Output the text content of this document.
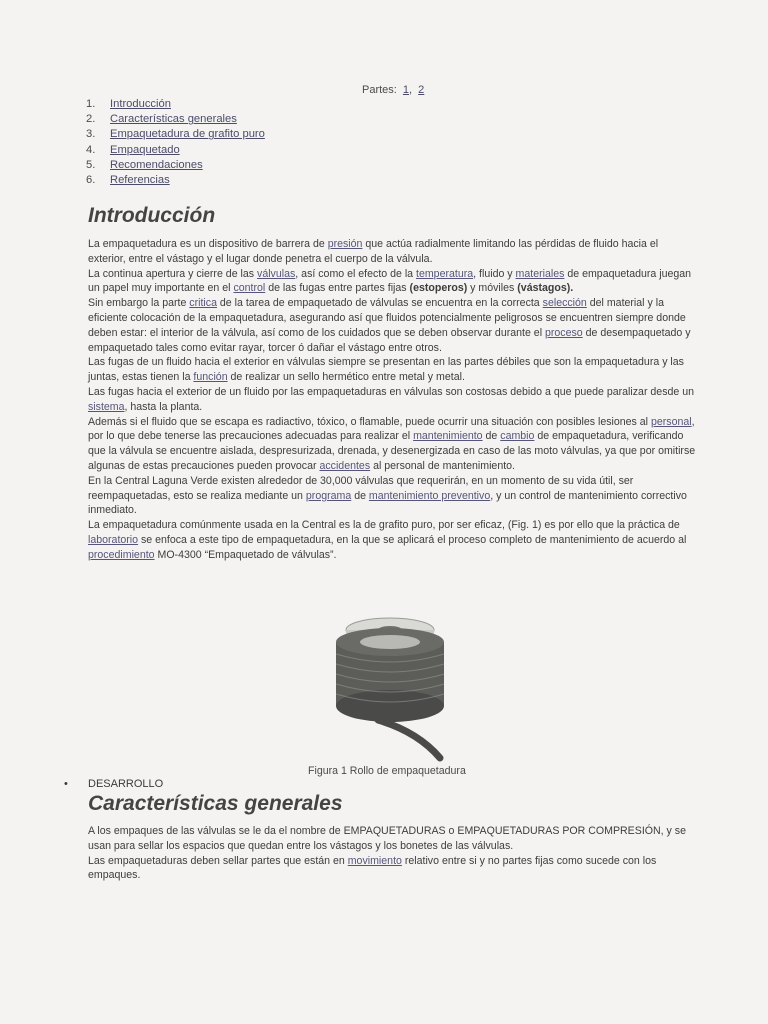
Partes: 1, 2
1.	Introducción
2.	Características generales
3.	Empaquetadura de grafito puro
4.	Empaquetado
5.	Recomendaciones
6.	Referencias
Introducción

La empaquetadura es un dispositivo de barrera de presión que actúa radialmente limitando las pérdidas de fluido hacia el exterior, entre el vástago y el lugar donde penetra el cuerpo de la válvula.

La continua apertura y cierre de las válvulas, así como el efecto de la temperatura, fluido y materiales de empaquetadura juegan un papel muy importante en el control de las fugas entre partes fijas (estoperos) y móviles (vástagos).

Sin embargo la parte critica de la tarea de empaquetado de válvulas se encuentra en la correcta selección del material y la eficiente colocación de la empaquetadura, asegurando así que fluidos potencialmente peligrosos se encuentren siempre donde deben estar: el interior de la válvula, así como de los cuidados que se deben observar durante el proceso de desempaquetado y empaquetado tales como evitar rayar, torcer ó dañar el vástago entre otros.

Las fugas de un fluido hacia el exterior en válvulas siempre se presentan en las partes débiles que son la empaquetadura y las juntas, estas tienen la función de realizar un sello hermético entre metal y metal.

Las fugas hacia el exterior de un fluido por las empaquetaduras en válvulas son costosas debido a que puede paralizar desde un sistema, hasta la planta.

Además si el fluido que se escapa es radiactivo, tóxico, o flamable, puede ocurrir una situación con posibles lesiones al personal, por lo que debe tenerse las precauciones adecuadas para realizar el mantenimiento de cambio de empaquetadura, verificando que la válvula se encuentre aislada, despresurizada, drenada, y desenergizada en caso de las moto válvulas, ya que por omitirse algunas de estas precauciones pueden provocar accidentes al personal de mantenimiento.

En la Central Laguna Verde existen alrededor de 30,000 válvulas que requerirán, en un momento de su vida útil, ser reempaquetadas, esto se realiza mediante un programa de mantenimiento preventivo, y un control de mantenimiento correctivo inmediato.

La empaquetadura comúnmente usada en la Central es la de grafito puro, por ser eficaz, (Fig. 1) es por ello que la práctica de laboratorio se enfoca a este tipo de empaquetadura, en la que se aplicará el proceso completo de mantenimiento de acuerdo al procedimiento MO-4300 “Empaquetado de válvulas”.

Figura 1 Rollo de empaquetadura
• DESARROLLO
Características generales

A los empaques de las válvulas se le da el nombre de EMPAQUETADURAS o EMPAQUETADURAS POR COMPRESIÓN, y se usan para sellar los espacios que quedan entre los vástagos y los bonetes de las válvulas.

Las empaquetaduras deben sellar partes que están en movimiento relativo entre si y no partes fijas como sucede con los empaques.
